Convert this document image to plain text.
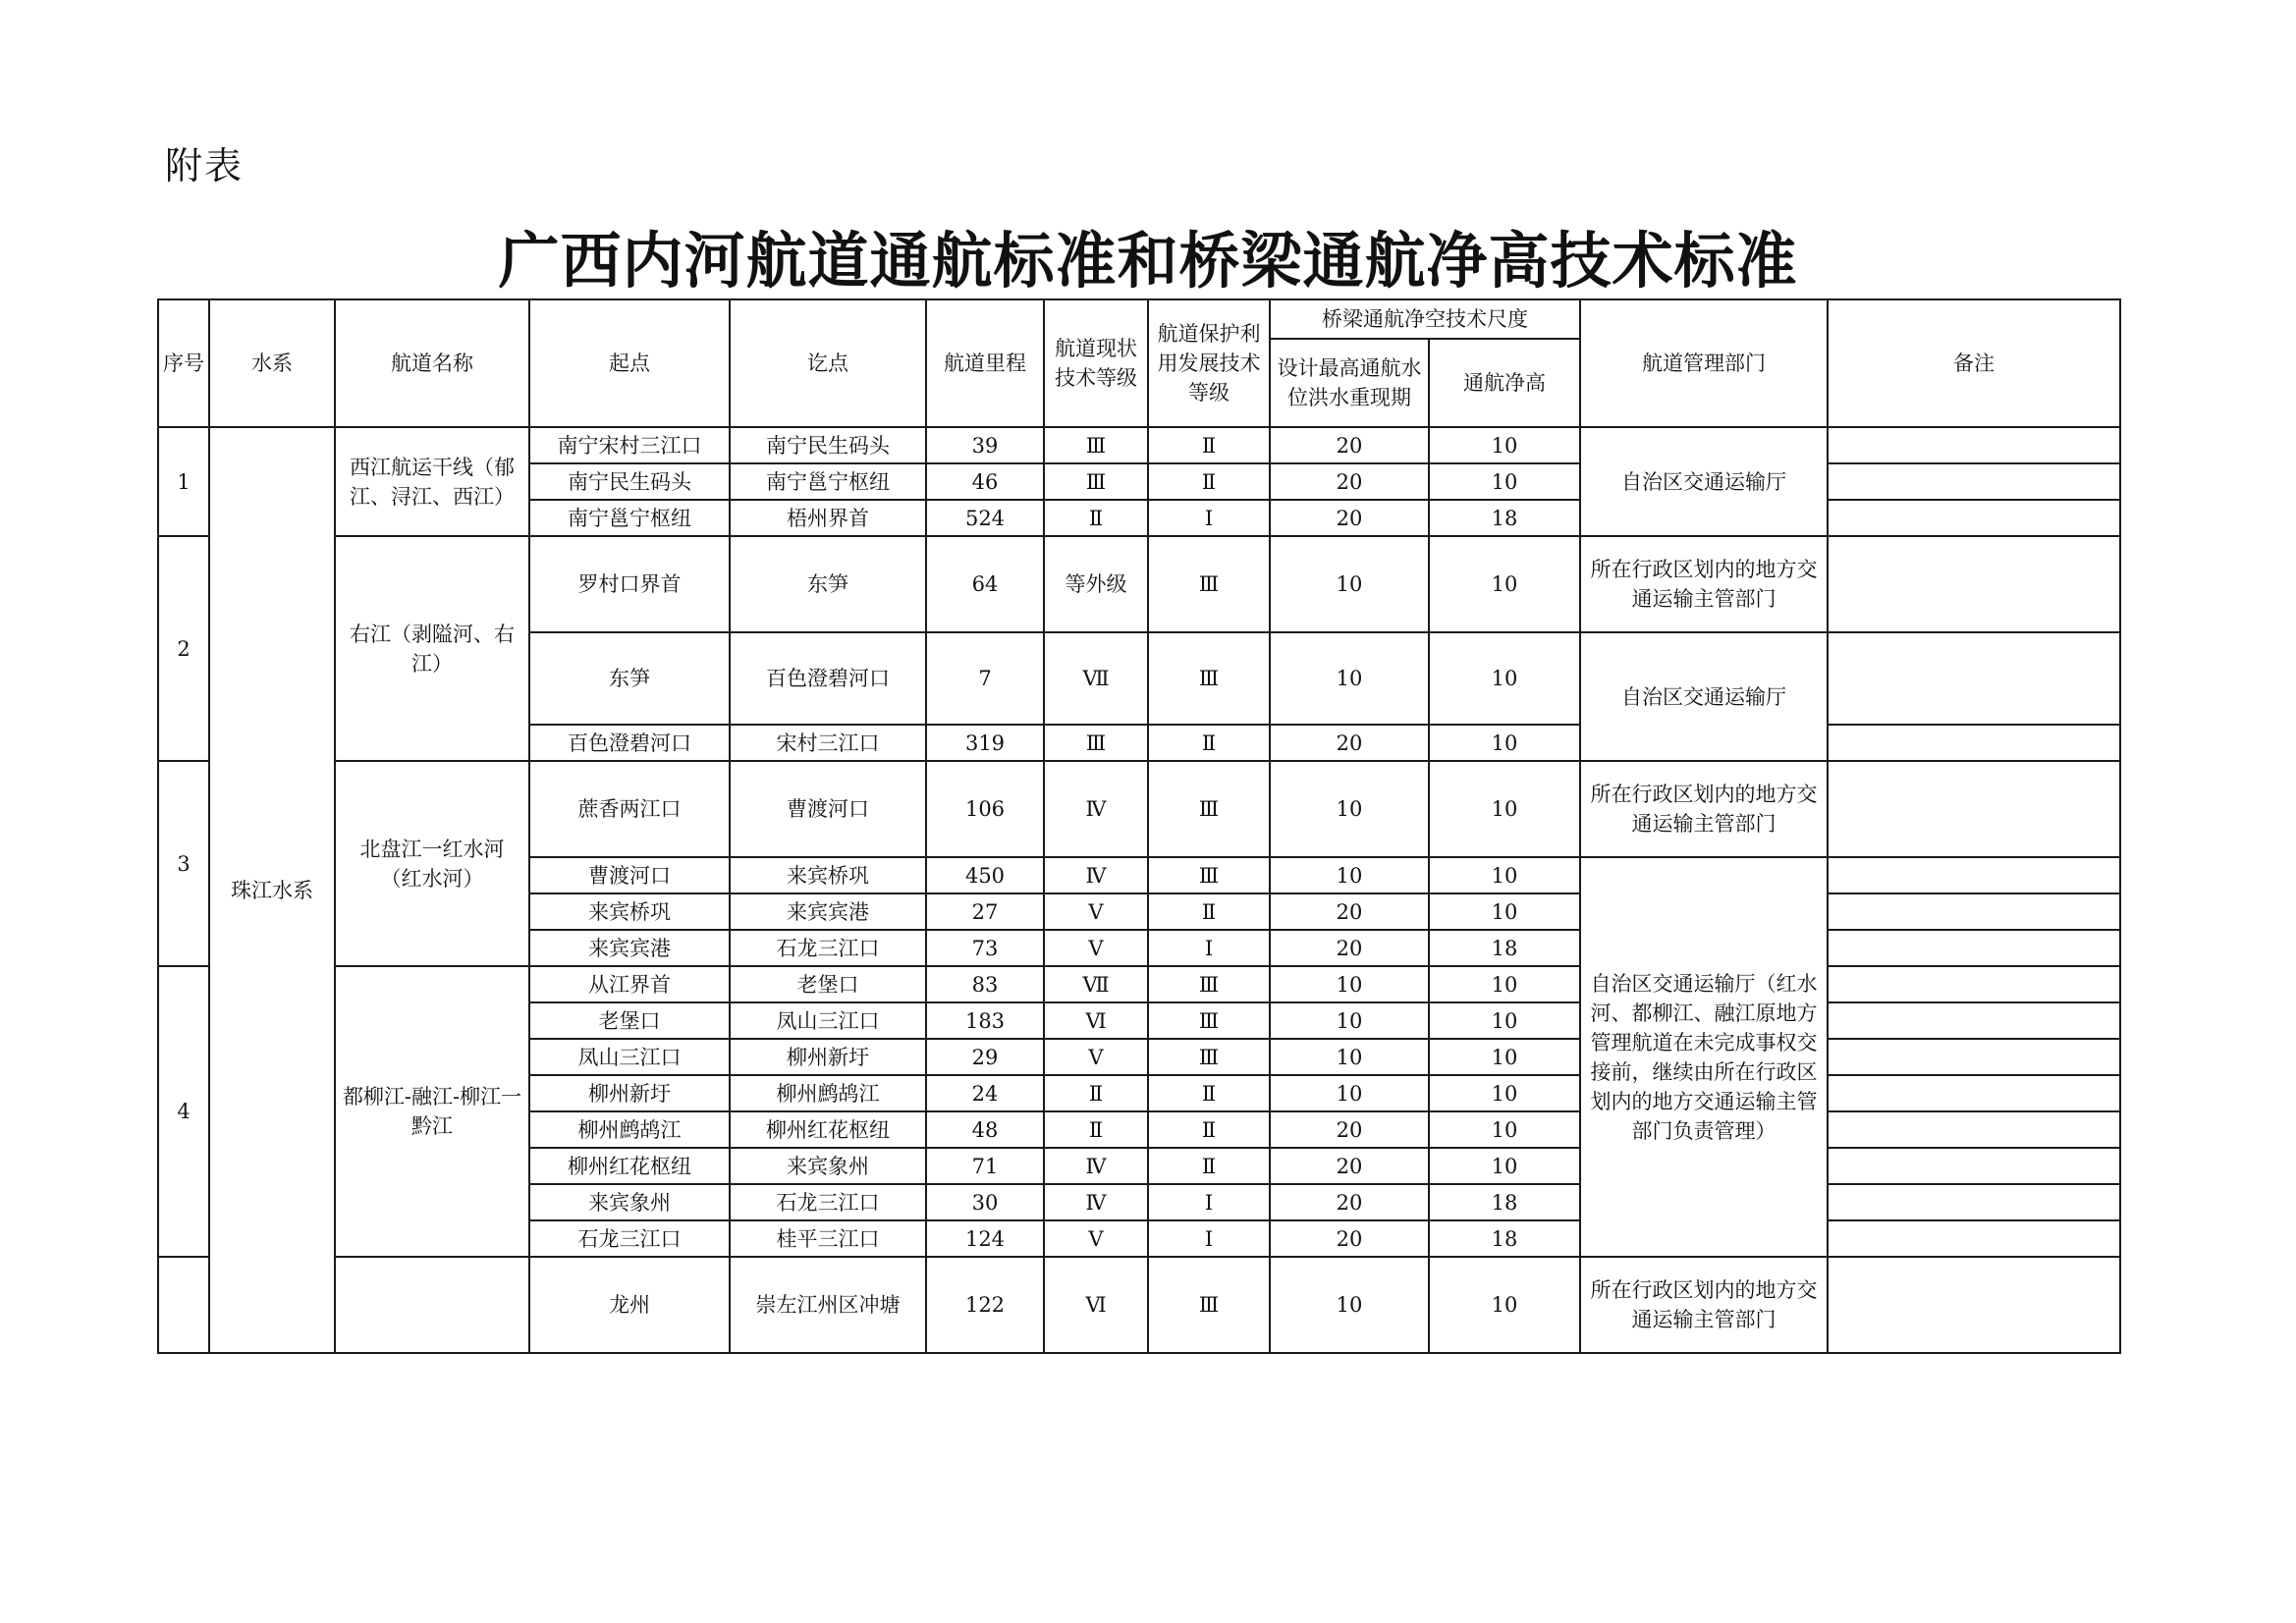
附表
广西内河航道通航标准和桥梁通航净高技术标准
序号	水系	航道名称	起点	讫点	航道里程	航道现状技术等级	航道保护利用发展技术等级	桥梁通航净空技术尺度		航道管理部门	备注
								设计最高通航水位洪水重现期	通航净高		
1	珠江水系	西江航运干线（郁江、浔江、西江）	南宁宋村三江口	南宁民生码头	39	Ⅲ	Ⅱ	20	10	自治区交通运输厅	
			南宁民生码头	南宁邕宁枢纽	46	Ⅲ	Ⅱ	20	10		
			南宁邕宁枢纽	梧州界首	524	Ⅱ	Ⅰ	20	18		
2		右江（剥隘河、右江）	罗村口界首	东笋	64	等外级	Ⅲ	10	10	所在行政区划内的地方交通运输主管部门	
			东笋	百色澄碧河口	7	Ⅶ	Ⅲ	10	10	自治区交通运输厅	
			百色澄碧河口	宋村三江口	319	Ⅲ	Ⅱ	20	10		
3		北盘江一红水河（红水河）	蔗香两江口	曹渡河口	106	Ⅳ	Ⅲ	10	10	所在行政区划内的地方交通运输主管部门	
			曹渡河口	来宾桥巩	450	Ⅳ	Ⅲ	10	10	自治区交通运输厅（红水河、都柳江、融江原地方管理航道在未完成事权交接前，继续由所在行政区划内的地方交通运输主管部门负责管理）	
			来宾桥巩	来宾宾港	27	Ⅴ	Ⅱ	20	10		
			来宾宾港	石龙三江口	73	Ⅴ	Ⅰ	20	18		
4		都柳江-融江-柳江一黔江	从江界首	老堡口	83	Ⅶ	Ⅲ	10	10		
			老堡口	凤山三江口	183	Ⅵ	Ⅲ	10	10		
			凤山三江口	柳州新圩	29	Ⅴ	Ⅲ	10	10		
			柳州新圩	柳州鹧鸪江	24	Ⅱ	Ⅱ	10	10		
			柳州鹧鸪江	柳州红花枢纽	48	Ⅱ	Ⅱ	20	10		
			柳州红花枢纽	来宾象州	71	Ⅳ	Ⅱ	20	10		
			来宾象州	石龙三江口	30	Ⅳ	Ⅰ	20	18		
			石龙三江口	桂平三江口	124	Ⅴ	Ⅰ	20	18		
			龙州	崇左江州区冲塘	122	Ⅵ	Ⅲ	10	10	所在行政区划内的地方交通运输主管部门	
